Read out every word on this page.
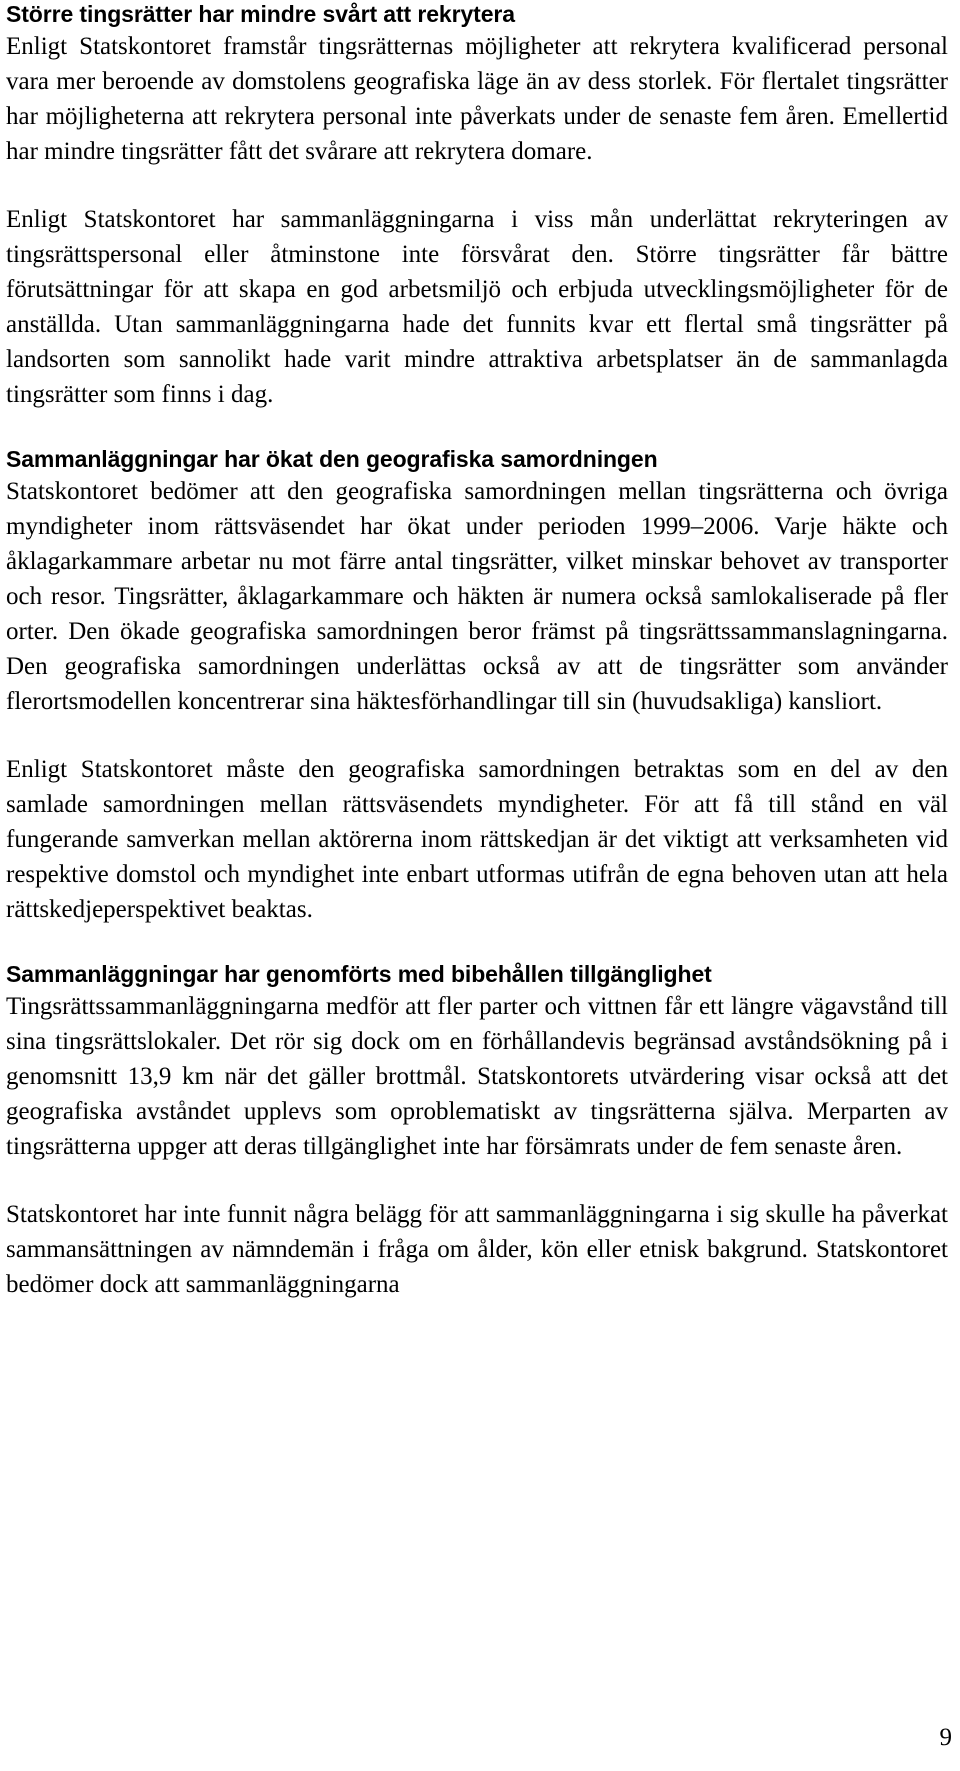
Större tingsrätter har mindre svårt att rekrytera

Enligt Statskontoret framstår tingsrätternas möjligheter att rekrytera kvalificerad personal vara mer beroende av domstolens geografiska läge än av dess storlek. För flertalet tingsrätter har möjligheterna att rekrytera personal inte påverkats under de senaste fem åren. Emellertid har mindre tingsrätter fått det svårare att rekrytera domare.

Enligt Statskontoret har sammanläggningarna i viss mån underlättat rekryteringen av tingsrättspersonal eller åtminstone inte försvårat den. Större tingsrätter får bättre förutsättningar för att skapa en god arbetsmiljö och erbjuda utvecklingsmöjligheter för de anställda. Utan sammanläggningarna hade det funnits kvar ett flertal små tingsrätter på landsorten som sannolikt hade varit mindre attraktiva arbetsplatser än de sammanlagda tingsrätter som finns i dag.

Sammanläggningar har ökat den geografiska samordningen

Statskontoret bedömer att den geografiska samordningen mellan tingsrätterna och övriga myndigheter inom rättsväsendet har ökat under perioden 1999–2006. Varje häkte och åklagarkammare arbetar nu mot färre antal tingsrätter, vilket minskar behovet av transporter och resor. Tingsrätter, åklagarkammare och häkten är numera också samlokaliserade på fler orter. Den ökade geografiska samordningen beror främst på tingsrättssammanslagningarna. Den geografiska samordningen underlättas också av att de tingsrätter som använder flerortsmodellen koncentrerar sina häktesförhandlingar till sin (huvudsakliga) kansliort.

Enligt Statskontoret måste den geografiska samordningen betraktas som en del av den samlade samordningen mellan rättsväsendets myndigheter. För att få till stånd en väl fungerande samverkan mellan aktörerna inom rättskedjan är det viktigt att verksamheten vid respektive domstol och myndighet inte enbart utformas utifrån de egna behoven utan att hela rättskedjeperspektivet beaktas.

Sammanläggningar har genomförts med bibehållen tillgänglighet

Tingsrättssammanläggningarna medför att fler parter och vittnen får ett längre vägavstånd till sina tingsrättslokaler. Det rör sig dock om en förhållandevis begränsad avståndsökning på i genomsnitt 13,9 km när det gäller brottmål. Statskontorets utvärdering visar också att det geografiska avståndet upplevs som oproblematiskt av tingsrätterna själva. Merparten av tingsrätterna uppger att deras tillgänglighet inte har försämrats under de fem senaste åren.

Statskontoret har inte funnit några belägg för att sammanläggningarna i sig skulle ha påverkat sammansättningen av nämndemän i fråga om ålder, kön eller etnisk bakgrund. Statskontoret bedömer dock att sammanläggningarna

9
